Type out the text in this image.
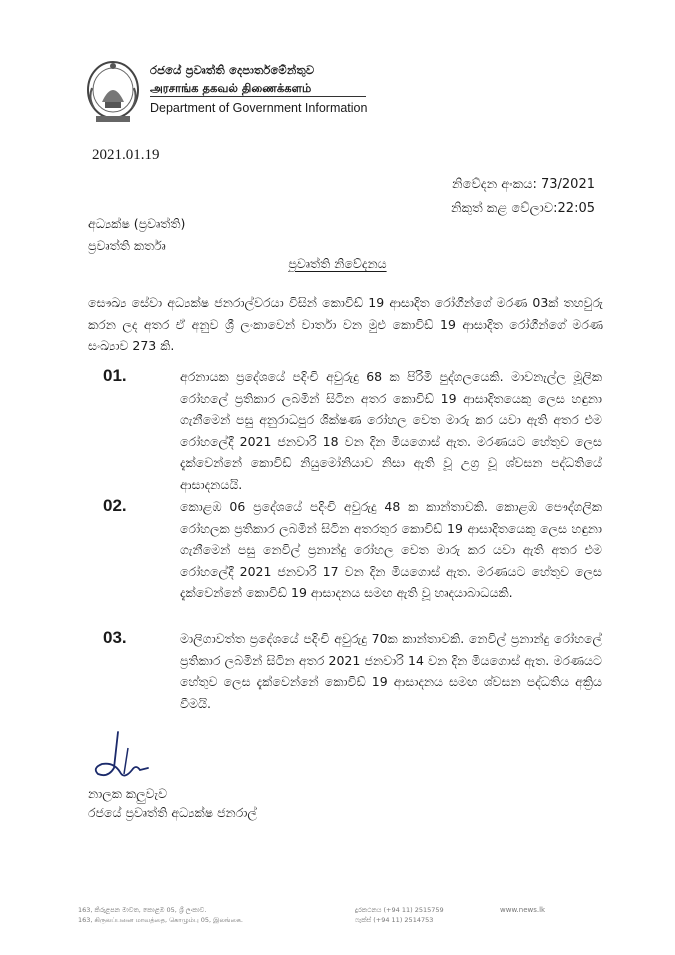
රජයේ ප්‍රවෘත්ති දෙපාර්තමේන්තුව
அரசாங்க தகவல் திணைக்களம்
Department of Government Information
2021.01.19
නිවේදන අංකය: 73/2021
නිකුත් කළ වේලාව:22:05
අධ්‍යක්ෂ (ප්‍රවෘත්ති)
ප්‍රවෘත්ති කර්තෘ
ප්‍රවෘත්ති නිවේදනය
සෞඛ්‍ය සේවා අධ්‍යක්ෂ ජනරාල්වරයා විසින් කොවිඩ් 19 ආසාදිත රෝගීන්ගේ මරණ 03ක් තහවුරු කරන ලද අතර ඒ අනුව ශ්‍රී ලංකාවෙන් වාර්තා වන මුළු කොවිඩ් 19 ආසාදිත රෝගීන්ගේ මරණ සංඛ්‍යාව 273 කි.
01.	අරනායක ප්‍රදේශයේ පදිංචි අවුරුදු 68 ක පිරිමි පුද්ගලයෙකි. මාවනැල්ල මූලික රෝහලේ ප්‍රතිකාර ලබමින් සිටින අතර කොවිඩ් 19 ආසාදිතයෙකු ලෙස හඳුනා ගැනීමෙන් පසු අනුරාධපුර ශික්ෂණ රෝහල වෙත මාරු කර යවා ඇති අතර එම රෝහලේදී 2021 ජනවාරි 18 වන දින මියගොස් ඇත. මරණයට හේතුව ලෙස දැක්වෙන්නේ කොවිඩ් නියුමෝනියාව නිසා ඇති වූ උග්‍ර වූ ශ්වසන පද්ධතියේ ආසාදනයයි.
02.	කොළඹ 06 ප්‍රදේශයේ පදිංචි අවුරුදු 48 ක කාන්තාවකි. කොළඹ පෞද්ගලික රෝහලක ප්‍රතිකාර ලබමින් සිටින අතරතුර කොවිඩ් 19 ආසාදිතයෙකු ලෙස හඳුනා ගැනීමෙන් පසු නෙවිල් ප්‍රනාන්දු රෝහල වෙත මාරු කර යවා ඇති අතර එම රෝහලේදී 2021 ජනවාරි 17 වන දින මියගොස් ඇත. මරණයට හේතුව ලෙස දැක්වෙන්නේ කොවිඩ් 19 ආසාදනය සමඟ ඇති වූ හෘදයාබාධයකි.
03.	මාලිගාවත්ත ප්‍රදේශයේ පදිංචි අවුරුදු 70ක කාන්තාවකි. නෙවිල් ප්‍රනාන්දු රෝහලේ ප්‍රතිකාර ලබමින් සිටින අතර 2021 ජනවාරි 14 වන දින මියගොස් ඇත. මරණයට හේතුව ලෙස දැක්වෙන්නේ කොවිඩ් 19 ආසාදනය සමඟ ශ්වසන පද්ධතිය අක්‍රිය වීමයි.
නාලක කලුවැව
රජයේ ප්‍රවෘත්ති අධ්‍යක්ෂ ජනරාල්
163, කිරුළපන මාවත, කොළඹ 05, ශ්‍රී ලංකාව.
163, கிருலப்பனை மாவத்தை, கொழும்பு 05, இலங்கை.
දුරකථනය (+94 11) 2515759
ෆැක්ස් (+94 11) 2514753
www.news.lk
